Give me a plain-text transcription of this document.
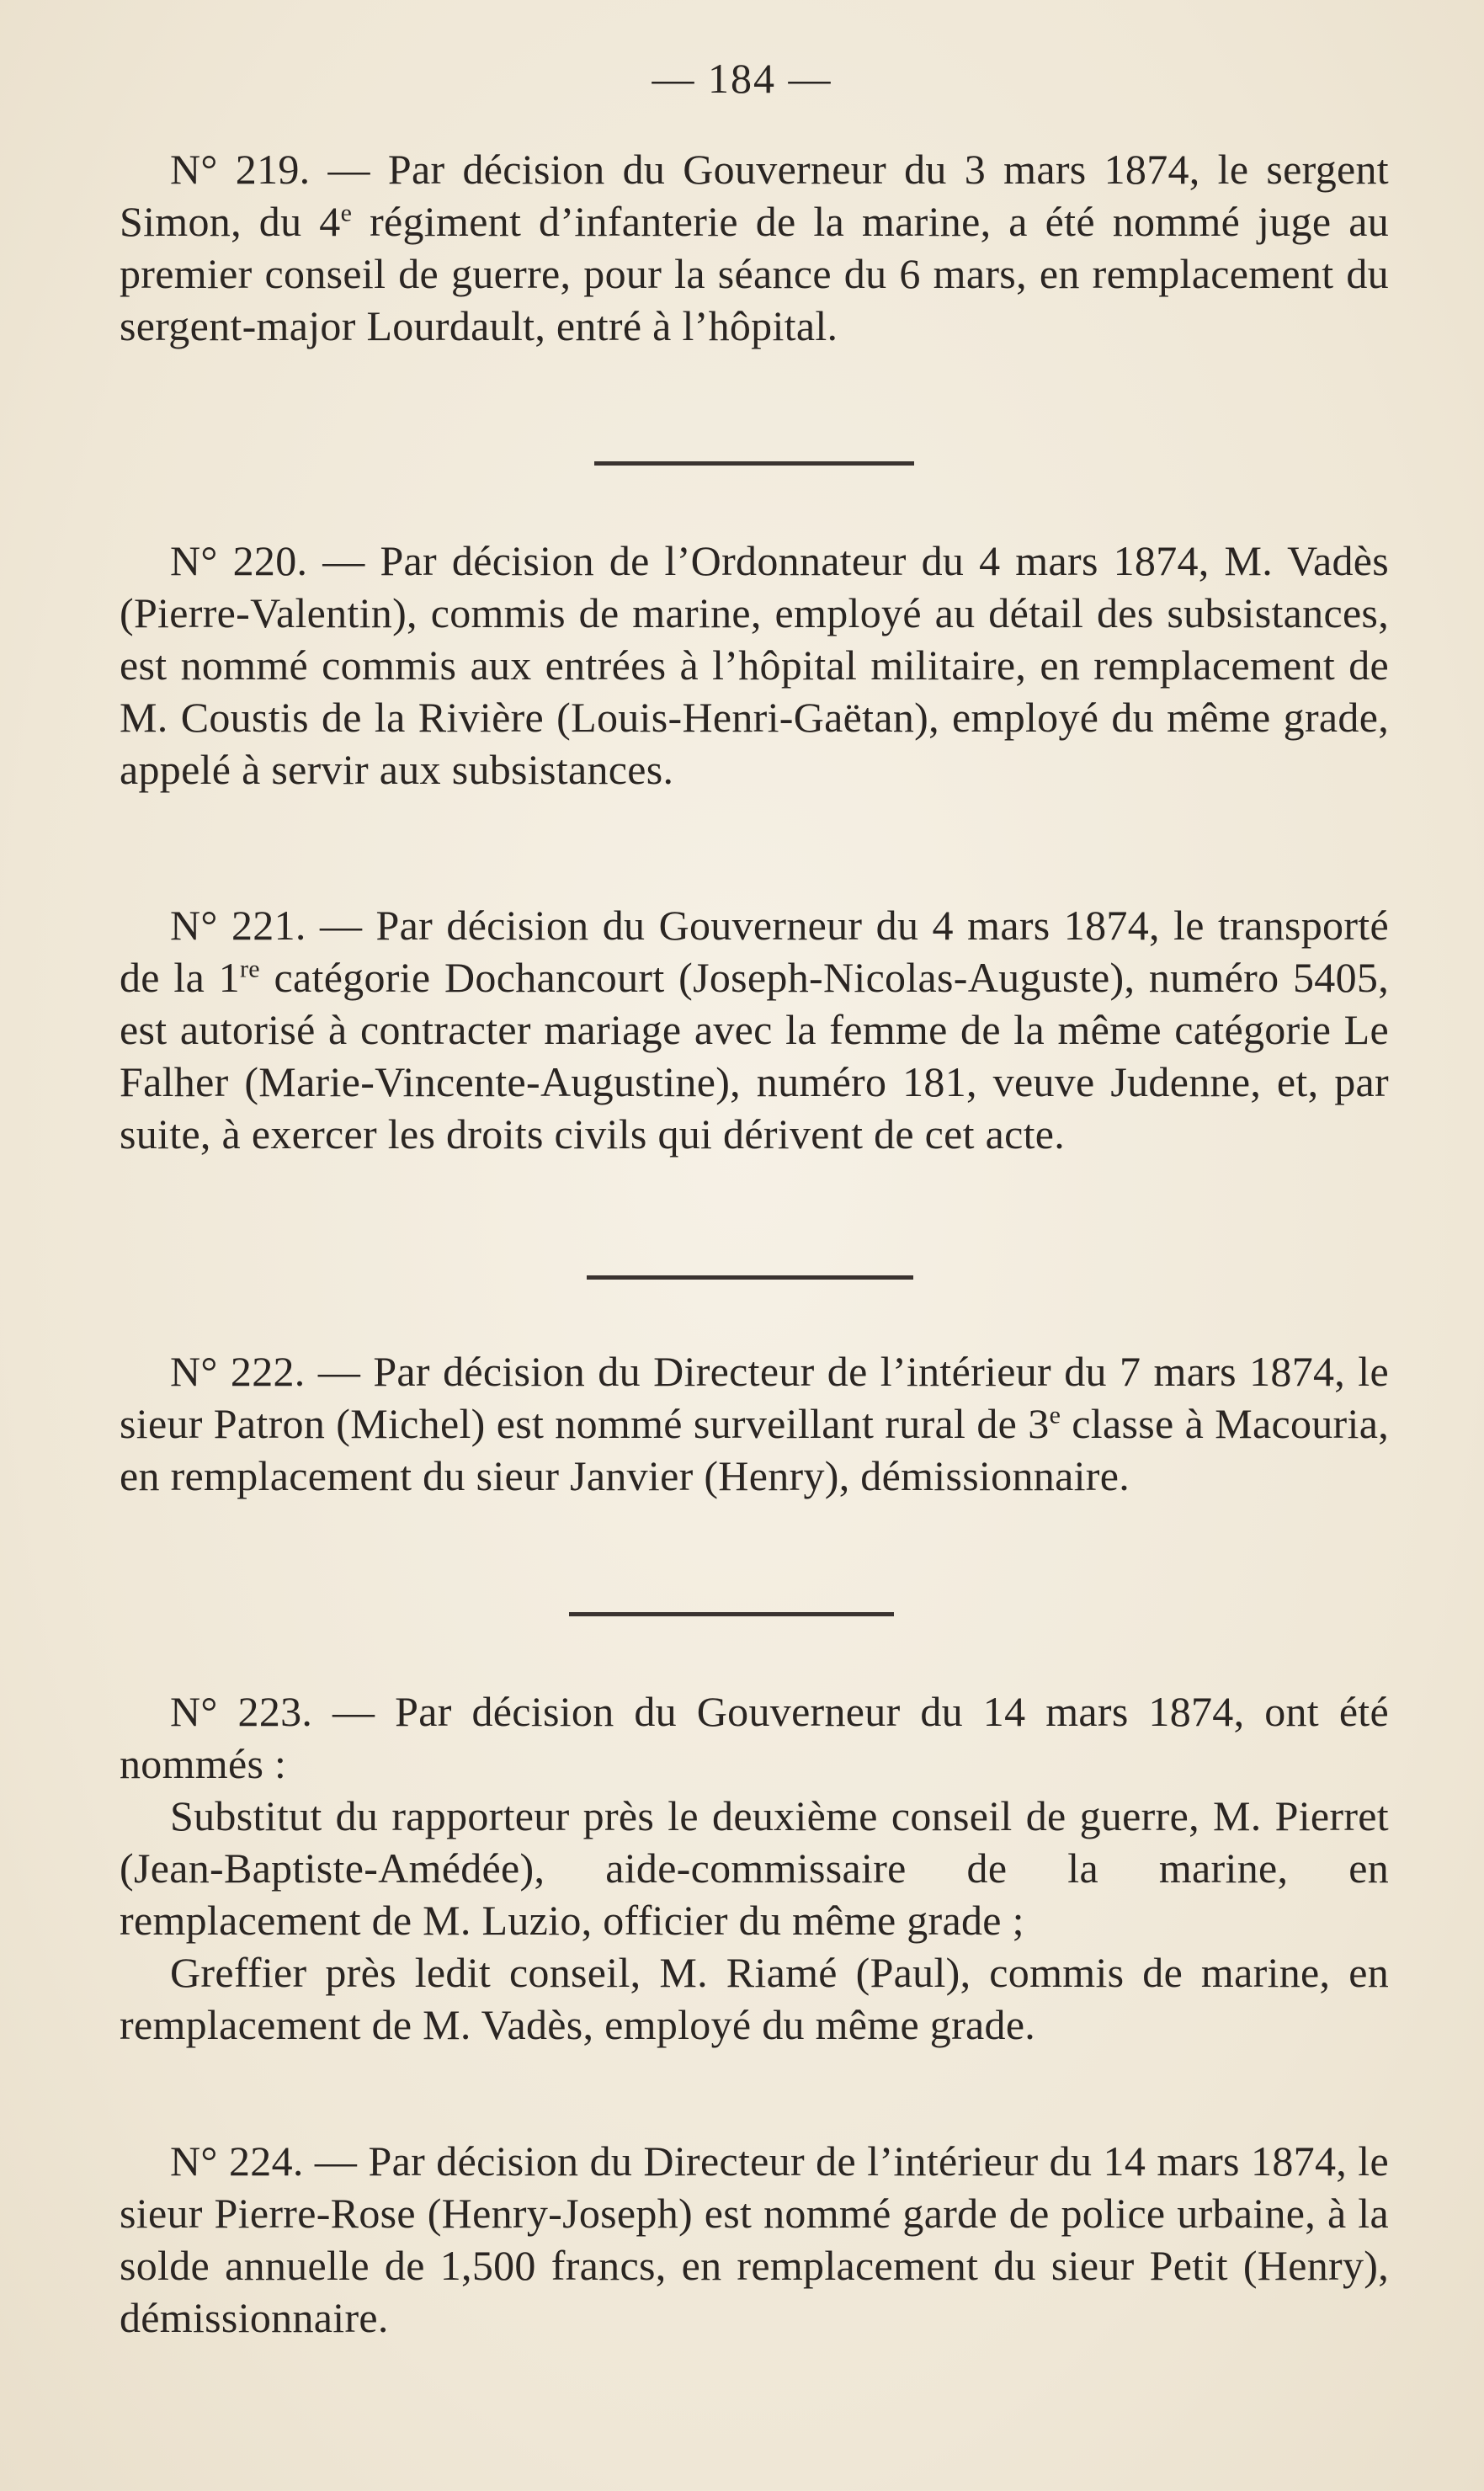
— 184 —

N° 219. — Par décision du Gouverneur du 3 mars 1874, le sergent Simon, du 4e régiment d’infanterie de la marine, a été nommé juge au premier conseil de guerre, pour la séance du 6 mars, en remplacement du sergent-major Lourdault, entré à l’hôpital.

N° 220. — Par décision de l’Ordonnateur du 4 mars 1874, M. Vadès (Pierre-Valentin), commis de marine, employé au détail des subsistances, est nommé commis aux entrées à l’hôpital militaire, en remplacement de M. Coustis de la Rivière (Louis-Henri-Gaëtan), employé du même grade, appelé à servir aux subsistances.

N° 221. — Par décision du Gouverneur du 4 mars 1874, le transporté de la 1re catégorie Dochancourt (Joseph-Nicolas-Auguste), numéro 5405, est autorisé à contracter mariage avec la femme de la même catégorie Le Falher (Marie-Vincente-Augustine), numéro 181, veuve Judenne, et, par suite, à exercer les droits civils qui dérivent de cet acte.

N° 222. — Par décision du Directeur de l’intérieur du 7 mars 1874, le sieur Patron (Michel) est nommé surveillant rural de 3e classe à Macouria, en remplacement du sieur Janvier (Henry), démissionnaire.

N° 223. — Par décision du Gouverneur du 14 mars 1874, ont été nommés :

Substitut du rapporteur près le deuxième conseil de guerre, M. Pierret (Jean-Baptiste-Amédée), aide-commissaire de la marine, en remplacement de M. Luzio, officier du même grade ;

Greffier près ledit conseil, M. Riamé (Paul), commis de marine, en remplacement de M. Vadès, employé du même grade.

N° 224. — Par décision du Directeur de l’intérieur du 14 mars 1874, le sieur Pierre-Rose (Henry-Joseph) est nommé garde de police urbaine, à la solde annuelle de 1,500 francs, en remplacement du sieur Petit (Henry), démissionnaire.
